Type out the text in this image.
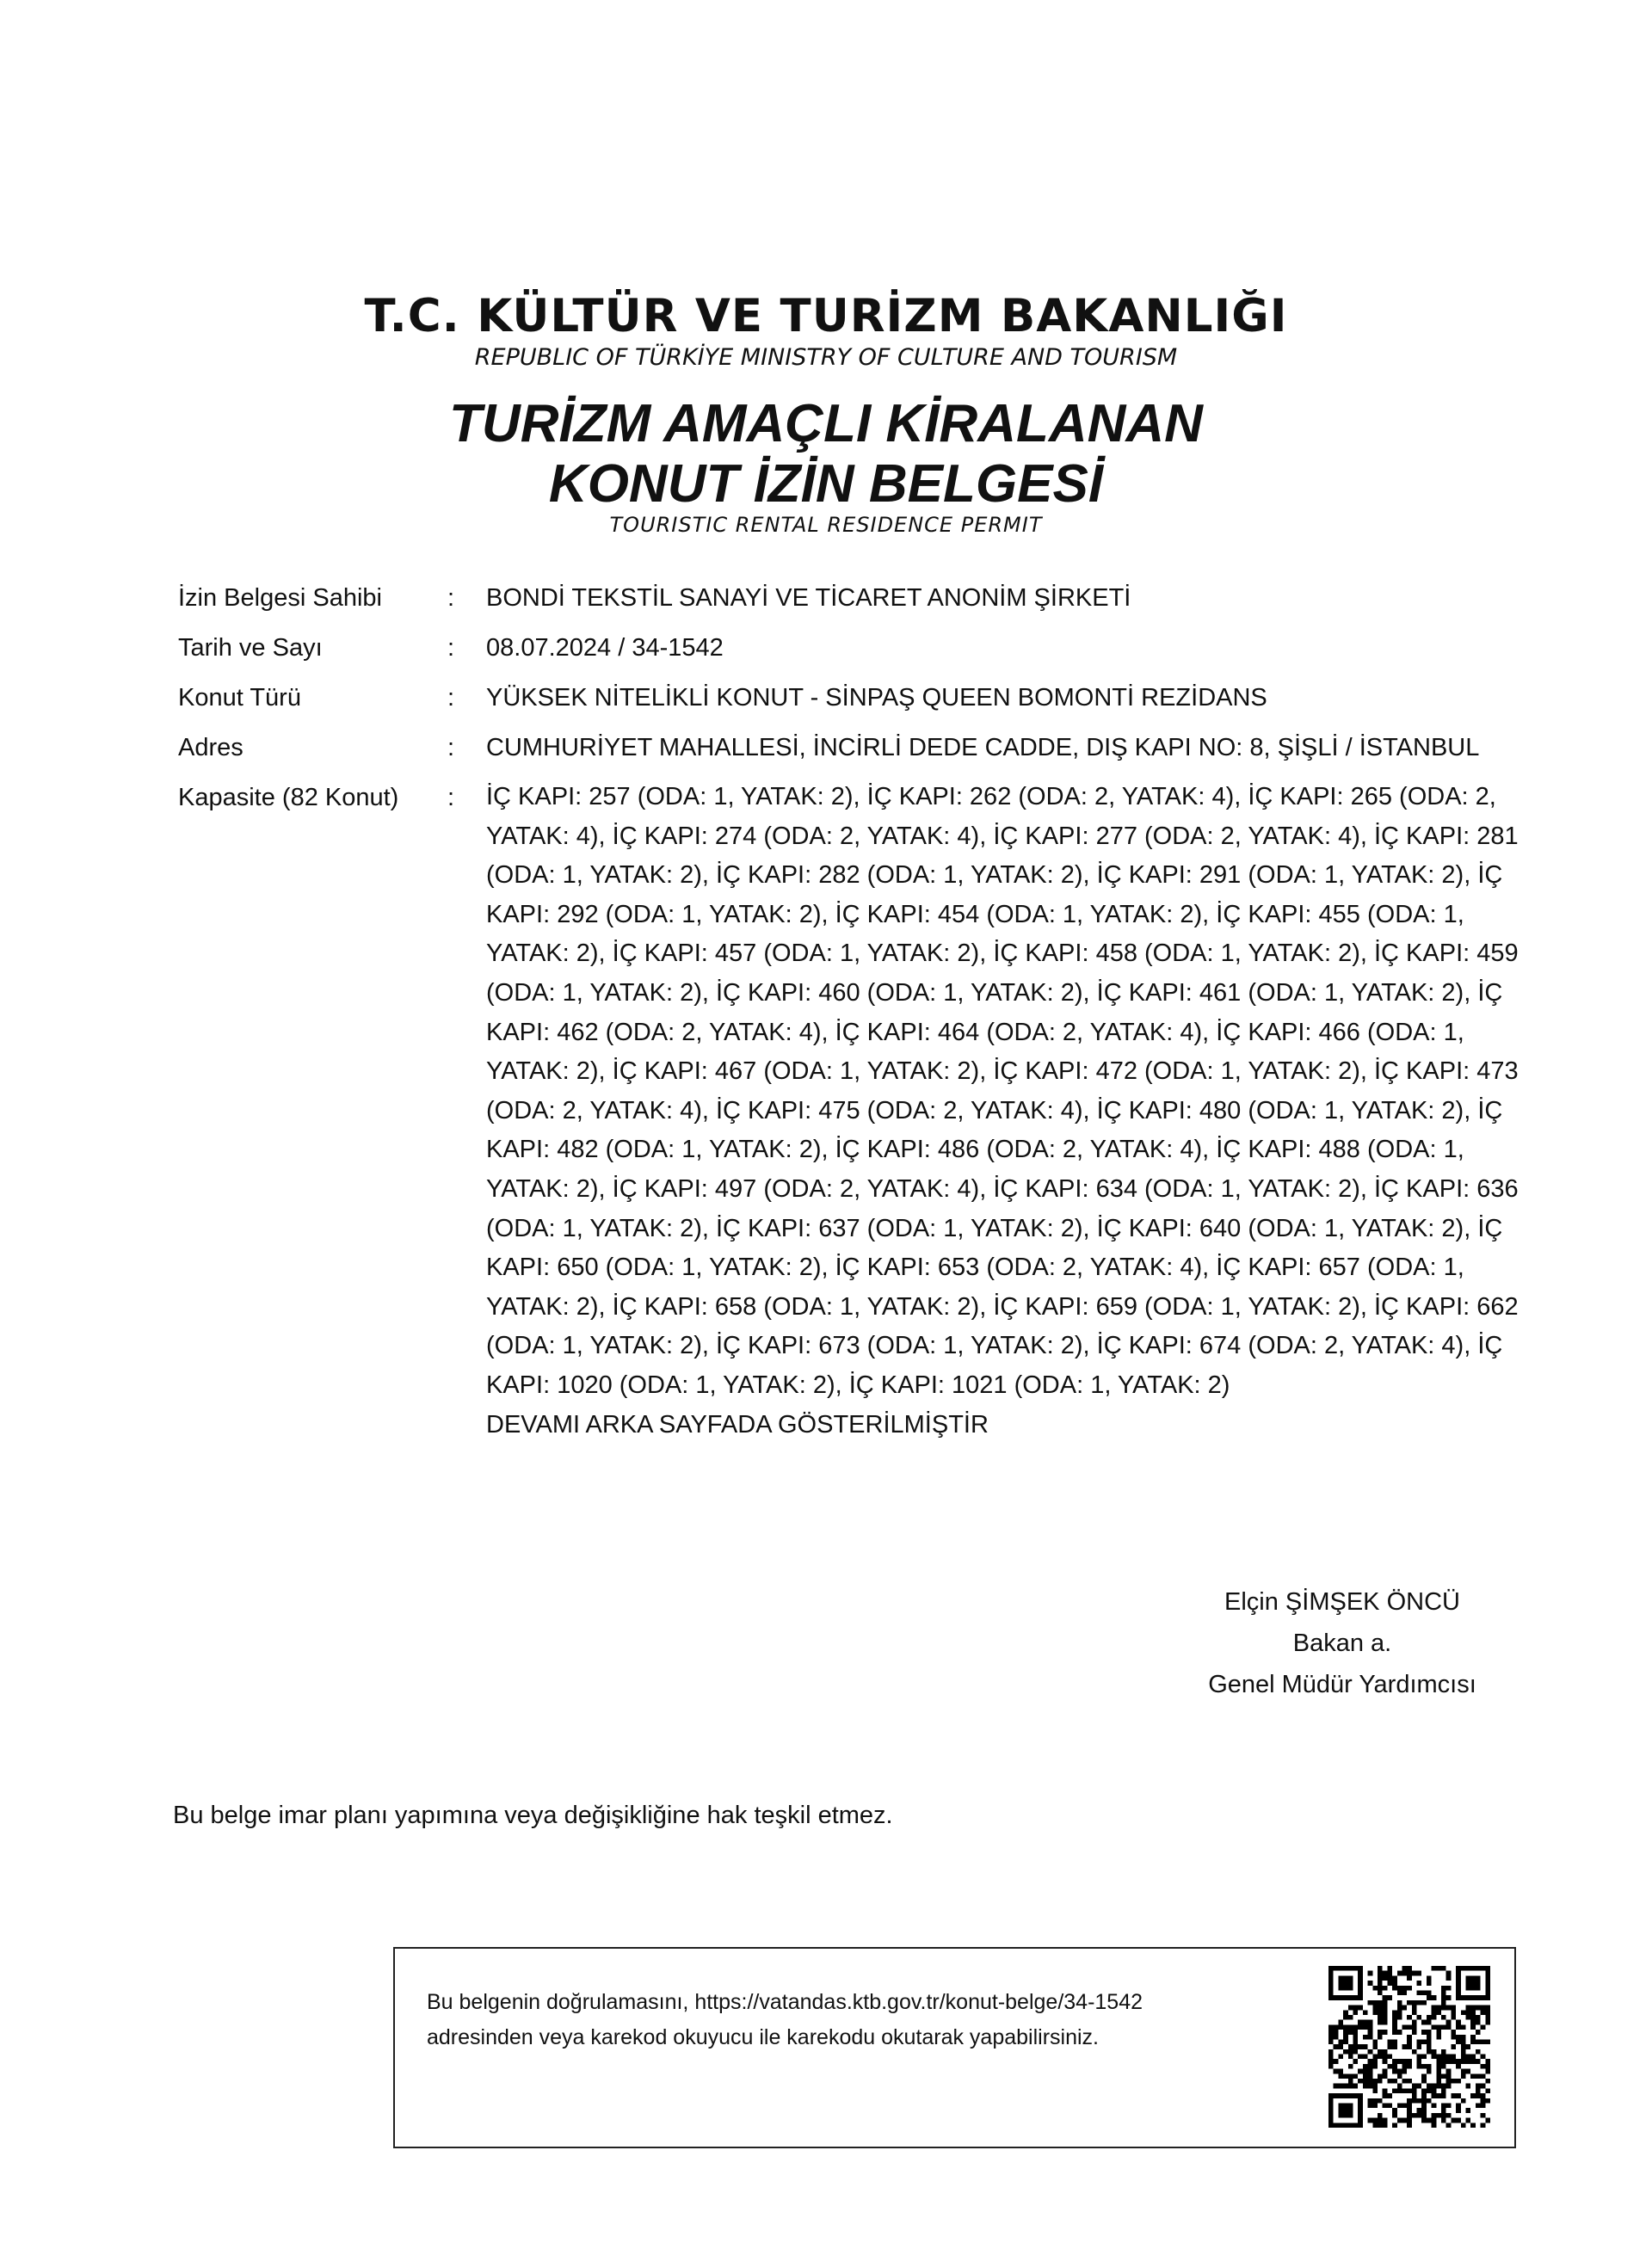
T.C. KÜLTÜR VE TURİZM BAKANLIĞI
REPUBLIC OF TÜRKİYE MINISTRY OF CULTURE AND TOURISM
TURİZM AMAÇLI KİRALANAN
KONUT İZİN BELGESİ
TOURISTIC RENTAL RESIDENCE PERMIT
İzin Belgesi Sahibi	:	BONDİ TEKSTİL SANAYİ VE TİCARET ANONİM ŞİRKETİ
Tarih ve Sayı	:	08.07.2024 / 34-1542
Konut Türü	:	YÜKSEK NİTELİKLİ KONUT - SİNPAŞ QUEEN BOMONTİ REZİDANS
Adres	:	CUMHURİYET MAHALLESİ, İNCİRLİ DEDE CADDE, DIŞ KAPI NO: 8, ŞİŞLİ / İSTANBUL
Kapasite (82 Konut)	:	İÇ KAPI: 257 (ODA: 1, YATAK: 2), İÇ KAPI: 262 (ODA: 2, YATAK: 4), İÇ KAPI: 265 (ODA: 2, YATAK: 4), İÇ KAPI: 274 (ODA: 2, YATAK: 4), İÇ KAPI: 277 (ODA: 2, YATAK: 4), İÇ KAPI: 281 (ODA: 1, YATAK: 2), İÇ KAPI: 282 (ODA: 1, YATAK: 2), İÇ KAPI: 291 (ODA: 1, YATAK: 2), İÇ KAPI: 292 (ODA: 1, YATAK: 2), İÇ KAPI: 454 (ODA: 1, YATAK: 2), İÇ KAPI: 455 (ODA: 1, YATAK: 2), İÇ KAPI: 457 (ODA: 1, YATAK: 2), İÇ KAPI: 458 (ODA: 1, YATAK: 2), İÇ KAPI: 459 (ODA: 1, YATAK: 2), İÇ KAPI: 460 (ODA: 1, YATAK: 2), İÇ KAPI: 461 (ODA: 1, YATAK: 2), İÇ KAPI: 462 (ODA: 2, YATAK: 4), İÇ KAPI: 464 (ODA: 2, YATAK: 4), İÇ KAPI: 466 (ODA: 1, YATAK: 2), İÇ KAPI: 467 (ODA: 1, YATAK: 2), İÇ KAPI: 472 (ODA: 1, YATAK: 2), İÇ KAPI: 473 (ODA: 2, YATAK: 4), İÇ KAPI: 475 (ODA: 2, YATAK: 4), İÇ KAPI: 480 (ODA: 1, YATAK: 2), İÇ KAPI: 482 (ODA: 1, YATAK: 2), İÇ KAPI: 486 (ODA: 2, YATAK: 4), İÇ KAPI: 488 (ODA: 1, YATAK: 2), İÇ KAPI: 497 (ODA: 2, YATAK: 4), İÇ KAPI: 634 (ODA: 1, YATAK: 2), İÇ KAPI: 636 (ODA: 1, YATAK: 2), İÇ KAPI: 637 (ODA: 1, YATAK: 2), İÇ KAPI: 640 (ODA: 1, YATAK: 2), İÇ KAPI: 650 (ODA: 1, YATAK: 2), İÇ KAPI: 653 (ODA: 2, YATAK: 4), İÇ KAPI: 657 (ODA: 1, YATAK: 2), İÇ KAPI: 658 (ODA: 1, YATAK: 2), İÇ KAPI: 659 (ODA: 1, YATAK: 2), İÇ KAPI: 662 (ODA: 1, YATAK: 2), İÇ KAPI: 673 (ODA: 1, YATAK: 2), İÇ KAPI: 674 (ODA: 2, YATAK: 4), İÇ KAPI: 1020 (ODA: 1, YATAK: 2), İÇ KAPI: 1021 (ODA: 1, YATAK: 2)
DEVAMI ARKA SAYFADA GÖSTERİLMİŞTİR
Elçin ŞİMŞEK ÖNCÜ
Bakan a.
Genel Müdür Yardımcısı
Bu belge imar planı yapımına veya değişikliğine hak teşkil etmez.
Bu belgenin doğrulamasını, https://vatandas.ktb.gov.tr/konut-belge/34-1542
adresinden veya karekod okuyucu ile karekodu okutarak yapabilirsiniz.
